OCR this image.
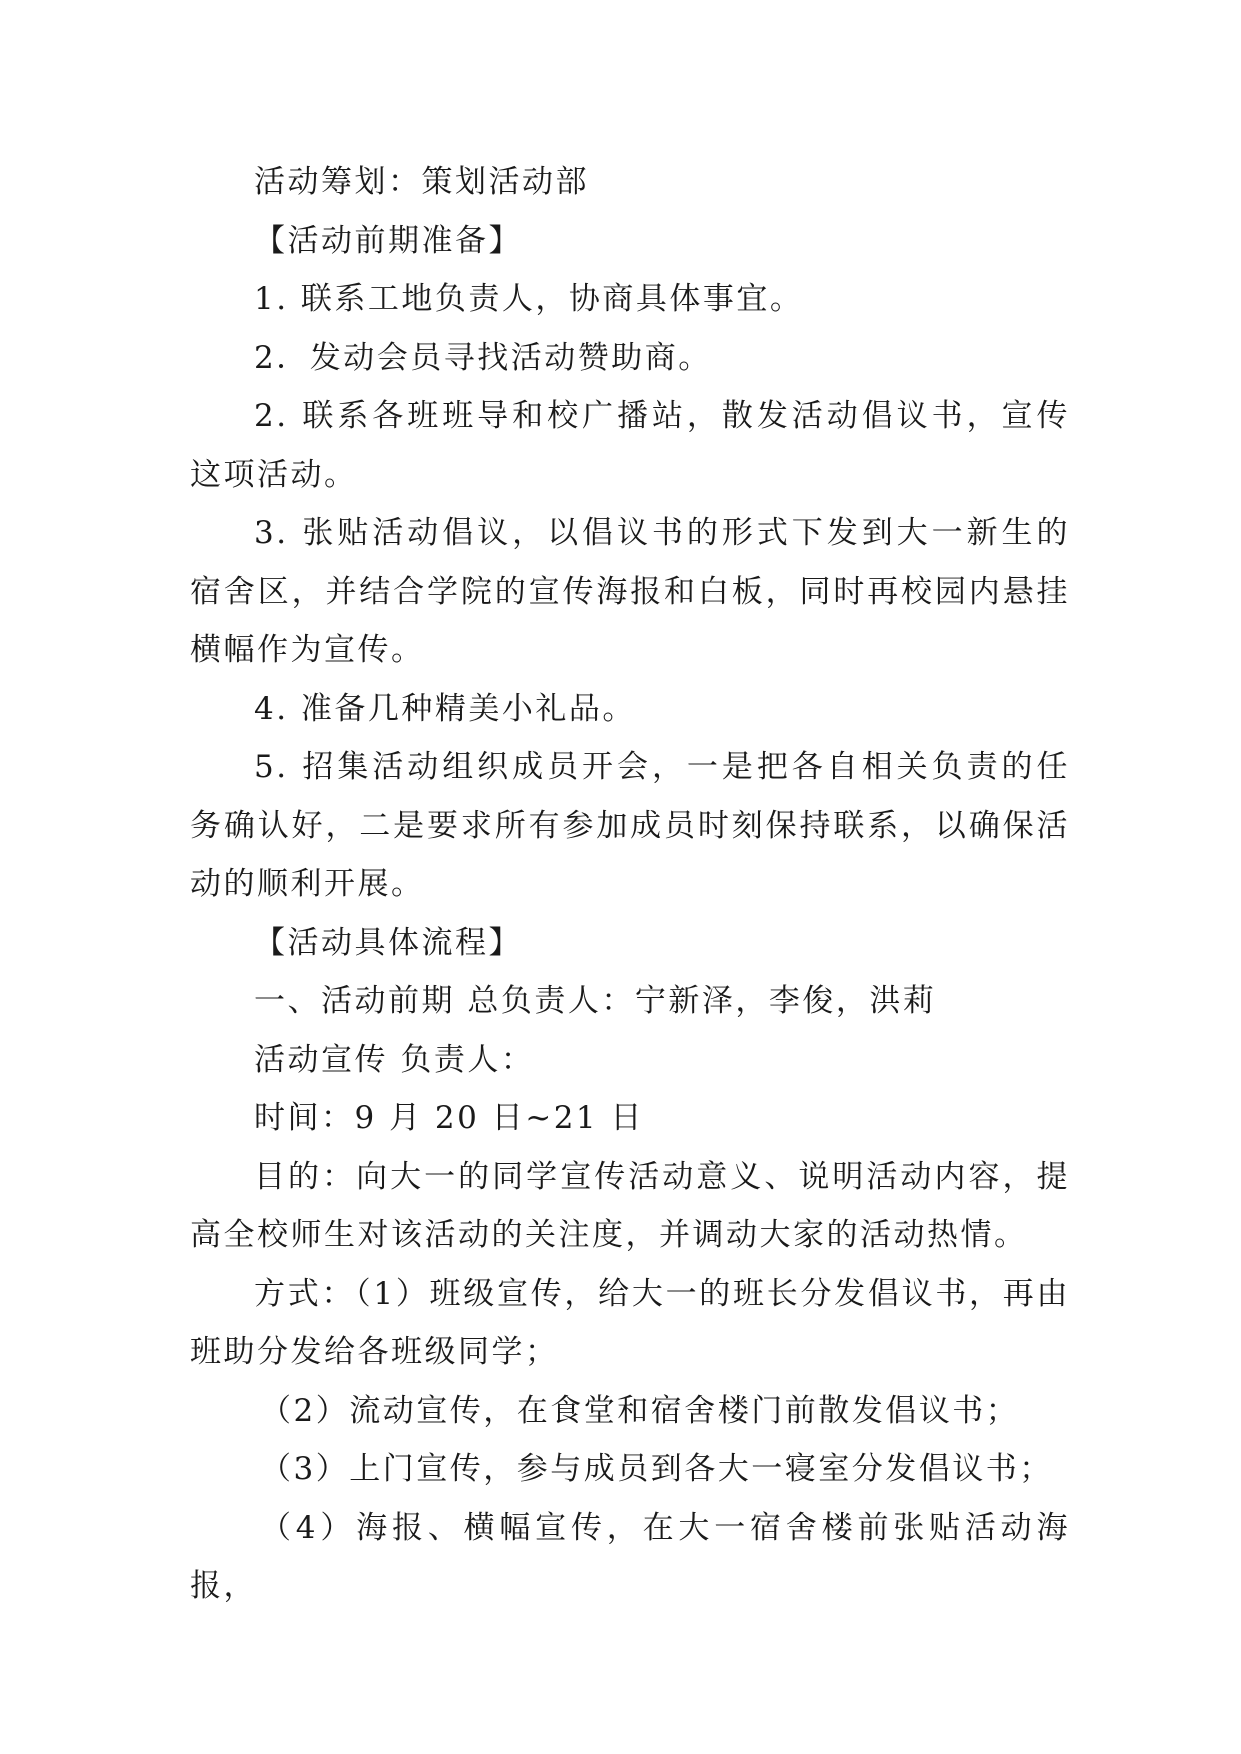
活动筹划：策划活动部

【活动前期准备】

1. 联系工地负责人，协商具体事宜。

2．发动会员寻找活动赞助商。

2. 联系各班班导和校广播站，散发活动倡议书，宣传这项活动。

3. 张贴活动倡议，以倡议书的形式下发到大一新生的宿舍区，并结合学院的宣传海报和白板，同时再校园内悬挂横幅作为宣传。

4. 准备几种精美小礼品。

5. 招集活动组织成员开会，一是把各自相关负责的任务确认好，二是要求所有参加成员时刻保持联系，以确保活动的顺利开展。

【活动具体流程】

一、活动前期 总负责人：宁新泽，李俊，洪莉

活动宣传 负责人：

时间：9 月 20 日~21 日

目的：向大一的同学宣传活动意义、说明活动内容，提高全校师生对该活动的关注度，并调动大家的活动热情。

方式：（1）班级宣传，给大一的班长分发倡议书，再由班助分发给各班级同学；

（2）流动宣传，在食堂和宿舍楼门前散发倡议书；

（3）上门宣传，参与成员到各大一寝室分发倡议书；

（4）海报、横幅宣传，在大一宿舍楼前张贴活动海报，
